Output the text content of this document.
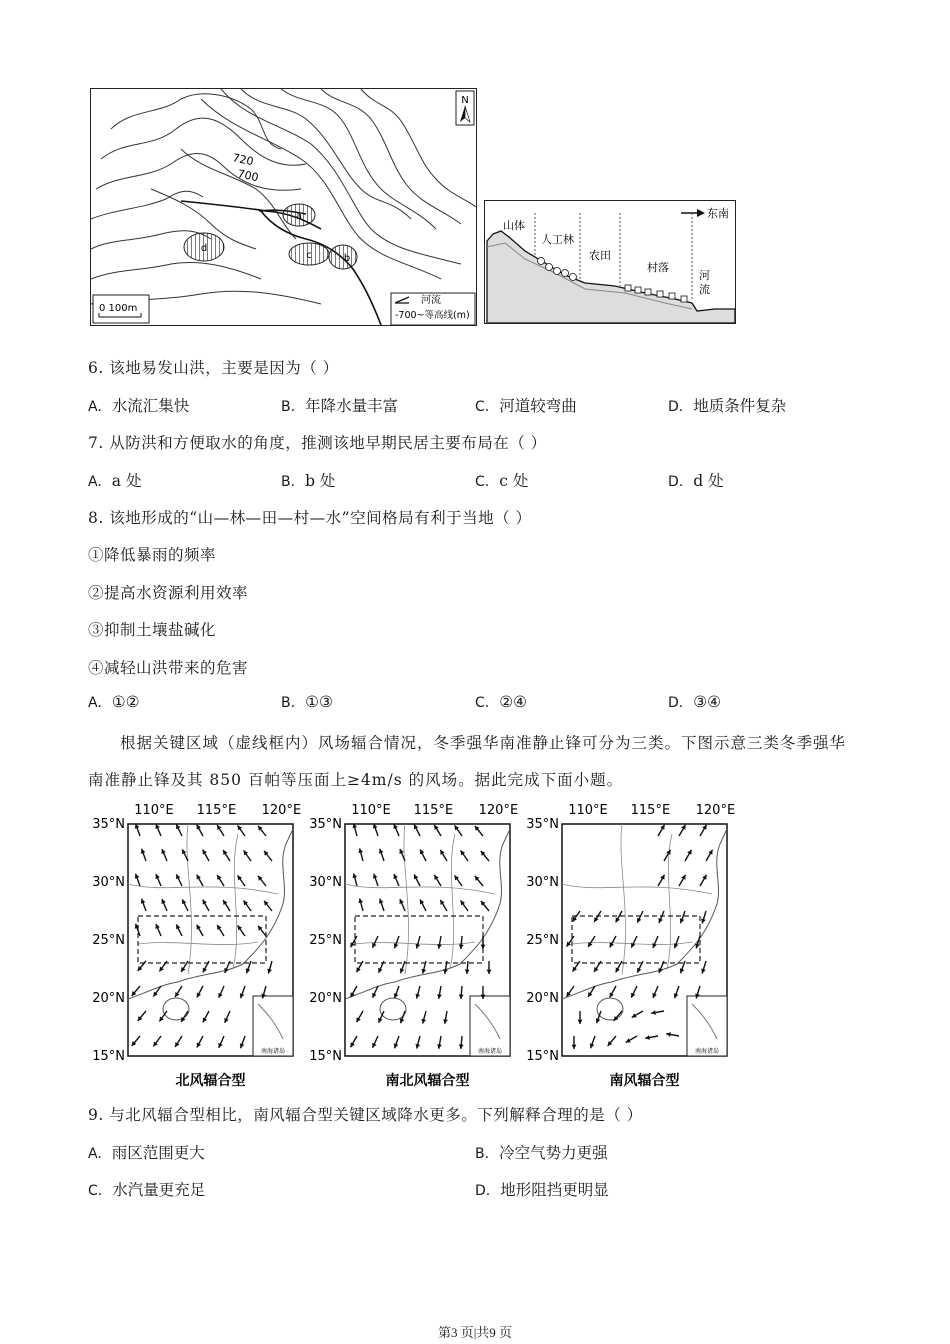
720
700
a
b
c
d
N
0 100m
河流
-700~等高线(m)
东南
山体
人工林
农田
村落
河
流
6. 该地易发山洪，主要是因为（ ）
A. 水流汇集快	B. 年降水量丰富	C. 河道较弯曲	D. 地质条件复杂
7. 从防洪和方便取水的角度，推测该地早期民居主要布局在（ ）
A. a 处	B. b 处	C. c 处	D. d 处
8. 该地形成的“山—林—田—村—水”空间格局有利于当地（ ）
①降低暴雨的频率
②提高水资源利用效率
③抑制土壤盐碱化
④减轻山洪带来的危害
A. ①②	B. ①③	C. ②④	D. ③④
根据关键区域（虚线框内）风场辐合情况，冬季强华南准静止锋可分为三类。下图示意三类冬季强华
南准静止锋及其 850 百帕等压面上≥4m/s 的风场。据此完成下面小题。
110°E 115°E 120°E
35°N
30°N
25°N
20°N
15°N	南海诸岛
北风辐合型
110°E 115°E 120°E
35°N
30°N
25°N
20°N
15°N	南海诸岛
南北风辐合型
110°E 115°E 120°E
35°N
30°N
25°N
20°N
15°N	南海诸岛
南风辐合型
9. 与北风辐合型相比，南风辐合型关键区域降水更多。下列解释合理的是（ ）
A. 雨区范围更大	B. 冷空气势力更强
C. 水汽量更充足	D. 地形阻挡更明显
第3 页|共9 页
